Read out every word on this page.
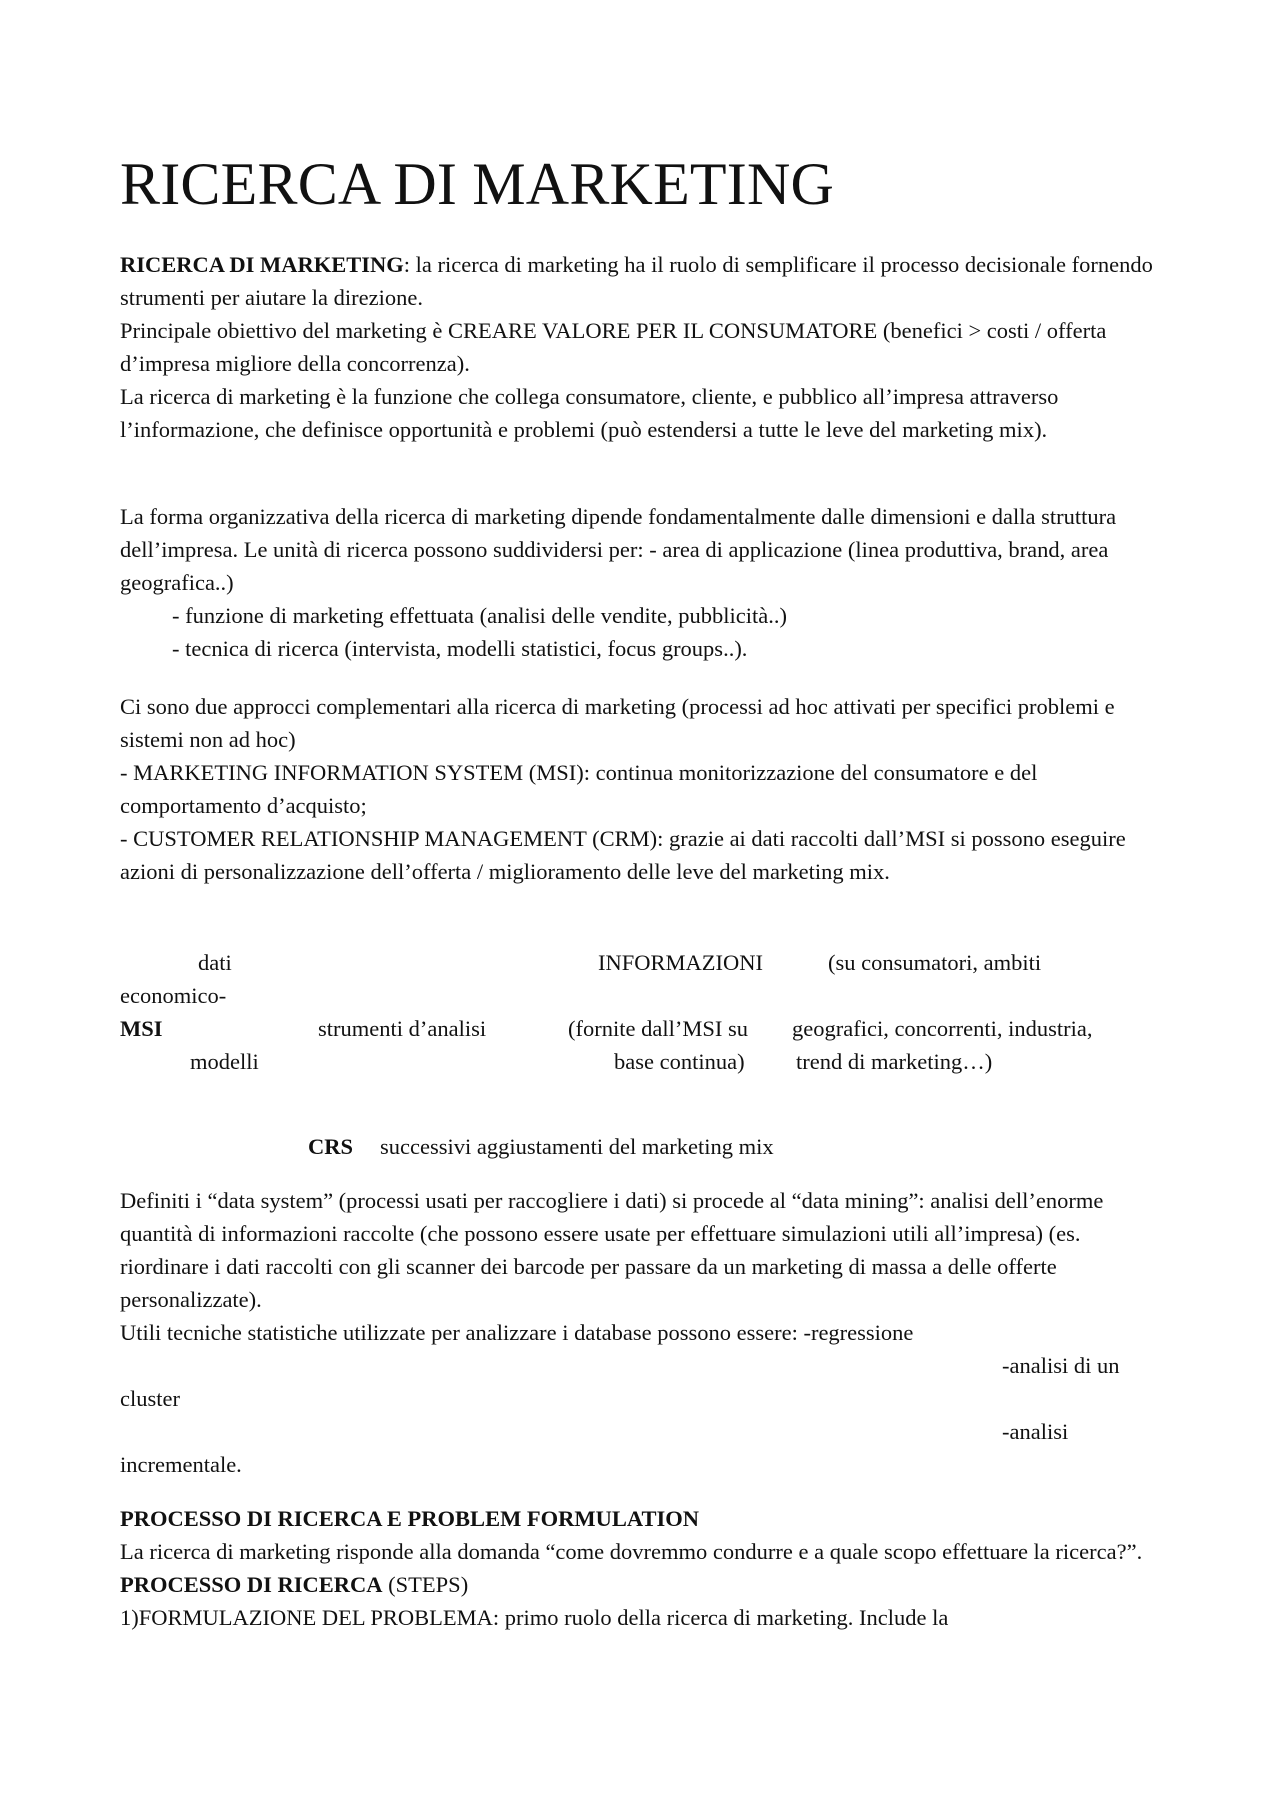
RICERCA DI MARKETING

RICERCA DI MARKETING: la ricerca di marketing ha il ruolo di semplificare il processo decisionale fornendo strumenti per aiutare la direzione.

Principale obiettivo del marketing è CREARE VALORE PER IL CONSUMATORE (benefici > costi / offerta d’impresa migliore della concorrenza).

La ricerca di marketing è la funzione che collega consumatore, cliente, e pubblico all’impresa attraverso l’informazione, che definisce opportunità e problemi (può estendersi a tutte le leve del marketing mix).

La forma organizzativa della ricerca di marketing dipende fondamentalmente dalle dimensioni e dalla struttura dell’impresa. Le unità di ricerca possono suddividersi per: - area di applicazione (linea produttiva, brand, area geografica..)

- funzione di marketing effettuata (analisi delle vendite, pubblicità..)

- tecnica di ricerca (intervista, modelli statistici, focus groups..).

Ci sono due approcci complementari alla ricerca di marketing (processi ad hoc attivati per specifici problemi e sistemi non ad hoc)

- MARKETING INFORMATION SYSTEM (MSI): continua monitorizzazione del consumatore e del comportamento d’acquisto;

- CUSTOMER RELATIONSHIP MANAGEMENT (CRM): grazie ai dati raccolti dall’MSI si possono eseguire azioni di personalizzazione dell’offerta / miglioramento delle leve del marketing mix.

dati	INFORMAZIONI	(su consumatori, ambiti
economico-
MSI	strumenti d’analisi	(fornite dall’MSI su geografici, concorrenti, industria,
modelli	base continua) trend di marketing…)
CRS successivi aggiustamenti del marketing mix

Definiti i “data system” (processi usati per raccogliere i dati) si procede al “data mining”: analisi dell’enorme quantità di informazioni raccolte (che possono essere usate per effettuare simulazioni utili all’impresa) (es. riordinare i dati raccolti con gli scanner dei barcode per passare da un marketing di massa a delle offerte personalizzate).

Utili tecniche statistiche utilizzate per analizzare i database possono essere: -regressione

-analisi di un
cluster
-analisi
incrementale.

PROCESSO DI RICERCA E PROBLEM FORMULATION

La ricerca di marketing risponde alla domanda “come dovremmo condurre e a quale scopo effettuare la ricerca?”.

PROCESSO DI RICERCA (STEPS)

1)FORMULAZIONE DEL PROBLEMA: primo ruolo della ricerca di marketing. Include la
